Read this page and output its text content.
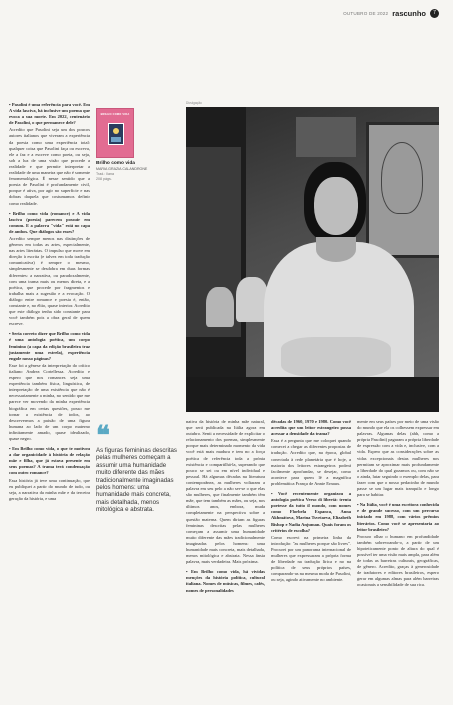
OUTUBRO DE 2022 rascunho	7

• Pasolini é uma referência para você. Em A vida lasciva, há inclusive um poema que evoca a sua morte. Em 2022, centenário de Pasolini, o que permanece dele?

Acredito que Pasolini seja um dos poucos autores italianos que viveram a experiência da poesia como uma experiência total: qualquer coisa que Pasolini faça ou escreva, ele a faz e a escreve como poeta, ou seja, sob a luz de uma visão que procede a realidade e que permite interpretar a realidade de uma maneira que não é somente fenomenológica. É nesse sentido que a poesia de Pasolini é profundamente civil, porque é ativa, por agir no superficie e nas dobras daquela que costumamos definir como realidade.

• Brilho como vida (romance) e A vida lasciva (poesia) parecem possuir em comum. E a palavra "vida" está no capa de ambos. Que diálogos são esses?

Acredito sempre menos nas distinções de gêneros em todas as artes, especialmente, nas artes literárias. O impulso que move em direção à escrita (e talvez em toda tradução comunicativa) é sempre o mesmo, simplesmente se desdobra em duas formas diferentes: a narrativa, ou paradoxalmente, com uma trama mais ou menos direta, e a poética, que procede por fragmentos e trabalha mais a sugestão e a evocação. O diálogo entre romance e poesia é, então, constante e, no éltio, quase interior. Acredito que este diálogo tenha sido constante para você também pois a obra geral de quem escreve.

• Seria correto dizer que Brilho como vida é uma antologia poética, um corpo feminino (a capa da edição brasileira traz justamente uma estrela), experiência engole nosso páginas?

Esse foi a gênese da interpretação do crítico italiano Andrea Cortellessa. Acredito e espero que nos romances seja uma experiência também física, linguística, de interpretação de uma existência que não é necessariamente a minha, no sentido que me parece ver movendo da minha experiência biográfica em certas questões, posso me tornar a existência de todos, ao descrevermos a paixão de uma figura humana ao lado de um corpo materno infinitamente amado, quase idealizado, quase negro.

• Em Brilho como vida, o que te motivou a dar organicidade à história de relação mãe e filha, que já estava presente em seus poemas? A trama terá condensação com outro romance?

Essa história já teve uma continuação, que eu publiquei a partir do mundo de tudo, ou seja, a narrativa da minha mãe e da terceira geração da história, e uma

BRILHO COMO VIDA
Brilho como vida
MARIA GRAZIA CALANDRONE
Trad.: Ilana
208 págs.
Divulgação
❝
As figuras femininas descritas pelas mulheres começam a assumir uma humanidade muito diferente das mães tradicionalmente imaginadas pelos homens: uma humanidade mais concreta, mais detalhada, menos mitológica e abstrata.

nativa da história de minha mãe natural, que será publicada na Itália agora em outubro. Senti a necessidade de explicitar o relacionamento dos poemas, simplesmente porque mais determinado momento da vida você está mais madura e tem no a força poética de referência toda a prónia existência e compartilhá-la, superando que pouco se sei ou em nível individual e pessoal. Há algumas décadas na literatura contemporânea, as mulheres voltaram a palavra em seu pelo a não ser-se o que elas são mulheres, que finalmente também têm mãe, que tem também as mães, ou seja, nos últimos anos, embora, muda completamente na perspectiva sobre a questão materna. Quem diriam as figuras femininas descritas pelas mulheres começam a assumir uma humanidade muito diferente das mães tradicionalmente imaginadas pelos homens: uma humanidade mais concreta, mais detalhada, menos mitológica e abstrata. Nessa ânsia palavra, mais verdadeira. Mais próxima.

• Em Brilho como vida, há vividas menções da história política, cultural italiana. Nomes de músicas, filmes, cafés, nomes de personalidades

décadas de 1960, 1970 e 1980. Como você acredita que um leitor estrangeiro possa acessar a densidade da trama?

Essa é a pergunta que me coloquei quando comecei a chegar as diferentes propostas de tradução. Acredito que, na época, global conectada à rede planetária que é hoje, a maioria dos leitores estrangeiros poderá facilmente aprofundar, se desejar, como acontece para quem lê a magnífica problemática França de Annie Ernaux.

• Você recentemente organizou a antologia poética Verso di libertà: trenta poetesse da tutto il mondo, com nomes como Florbela Espanca, Anna Akhmátova, Marina Tsvetaeva, Elizabeth Bishop e Nadia Anjuman. Quais foram os critérios de escolha?

Como escrevi na primeira linha da introdução: "as mulheres porque são livres". Procurei por um panorama internacional de mulheres que expressaram a própria forma de liberdade na tradução lírica e no na política de seus próprios países, comparando-as na mesma moda de Pasolini, ou seja, agindo ativamente no ambiente.

mente em seus países por meio de uma visão do mundo que ela os colhessem expressar em palavras. Algumas delas (ahh, como a própria Pasolini) pagaram a própria liberdade de expressão com a vida e, inclusive, com a vida. Espero que as considerações sobre as vidas excepcionais destas mulheres nos permitam se aproximar mais profundamente a liberdade do qual gozamos ou, com não se o ainda, lutar seguindo o exemplo delas, para fazer com que o nosso pedacinho de mundo passe se um lugar mais tranquilo e longo para se habitar.

• Na Itália, você é uma escritora conhecida e de grande sucesso, com um percurso iniciado em 1988, com vários prêmios literários. Como você se apresentaria ao leitor brasileiro?

Procuro olhar o humano em profundidade também sobrevoando-o, a partir de um hipoteticamente ponto de altura do qual é possível ter uma visão mais ampla, para além de todas as barreiras culturais, geográficas, de gênero. Acredito, graças à generosidade de tradutores e editores brasileiros, espero gerar em algumas almas para além barreiras ocasionais a sensibilidade de sua rica.
